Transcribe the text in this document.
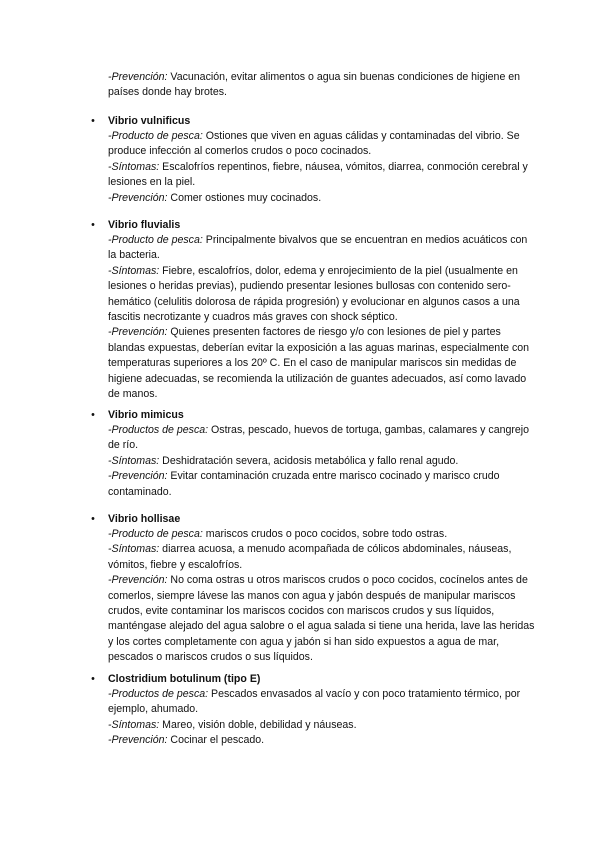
-Prevención: Vacunación, evitar alimentos o agua sin buenas condiciones de higiene en países donde hay brotes.

• Vibrio vulnificus

-Producto de pesca: Ostiones que viven en aguas cálidas y contaminadas del vibrio. Se produce infección al comerlos crudos o poco cocinados.

-Síntomas: Escalofríos repentinos, fiebre, náusea, vómitos, diarrea, conmoción cerebral y lesiones en la piel.

-Prevención: Comer ostiones muy cocinados.

• Vibrio fluvialis

-Producto de pesca: Principalmente bivalvos que se encuentran en medios acuáticos con la bacteria.

-Síntomas: Fiebre, escalofríos, dolor, edema y enrojecimiento de la piel (usualmente en lesiones o heridas previas), pudiendo presentar lesiones bullosas con contenido sero-hemático (celulitis dolorosa de rápida progresión) y evolucionar en algunos casos a una fascitis necrotizante y cuadros más graves con shock séptico.

-Prevención: Quienes presenten factores de riesgo y/o con lesiones de piel y partes blandas expuestas, deberían evitar la exposición a las aguas marinas, especialmente con temperaturas superiores a los 20º C. En el caso de manipular mariscos sin medidas de higiene adecuadas, se recomienda la utilización de guantes adecuados, así como lavado de manos.

• Vibrio mimicus

-Productos de pesca: Ostras, pescado, huevos de tortuga, gambas, calamares y cangrejo de río.

-Síntomas: Deshidratación severa, acidosis metabólica y fallo renal agudo.

-Prevención: Evitar contaminación cruzada entre marisco cocinado y marisco crudo contaminado.

• Vibrio hollisae

-Producto de pesca: mariscos crudos o poco cocidos, sobre todo ostras.

-Síntomas: diarrea acuosa, a menudo acompañada de cólicos abdominales, náuseas, vómitos, fiebre y escalofríos.

-Prevención: No coma ostras u otros mariscos crudos o poco cocidos, cocínelos antes de comerlos, siempre lávese las manos con agua y jabón después de manipular mariscos crudos, evite contaminar los mariscos cocidos con mariscos crudos y sus líquidos, manténgase alejado del agua salobre o el agua salada si tiene una herida, lave las heridas y los cortes completamente con agua y jabón si han sido expuestos a agua de mar, pescados o mariscos crudos o sus líquidos.

• Clostridium botulinum (tipo E)

-Productos de pesca: Pescados envasados al vacío y con poco tratamiento térmico, por ejemplo, ahumado.

-Síntomas: Mareo, visión doble, debilidad y náuseas.

-Prevención: Cocinar el pescado.
